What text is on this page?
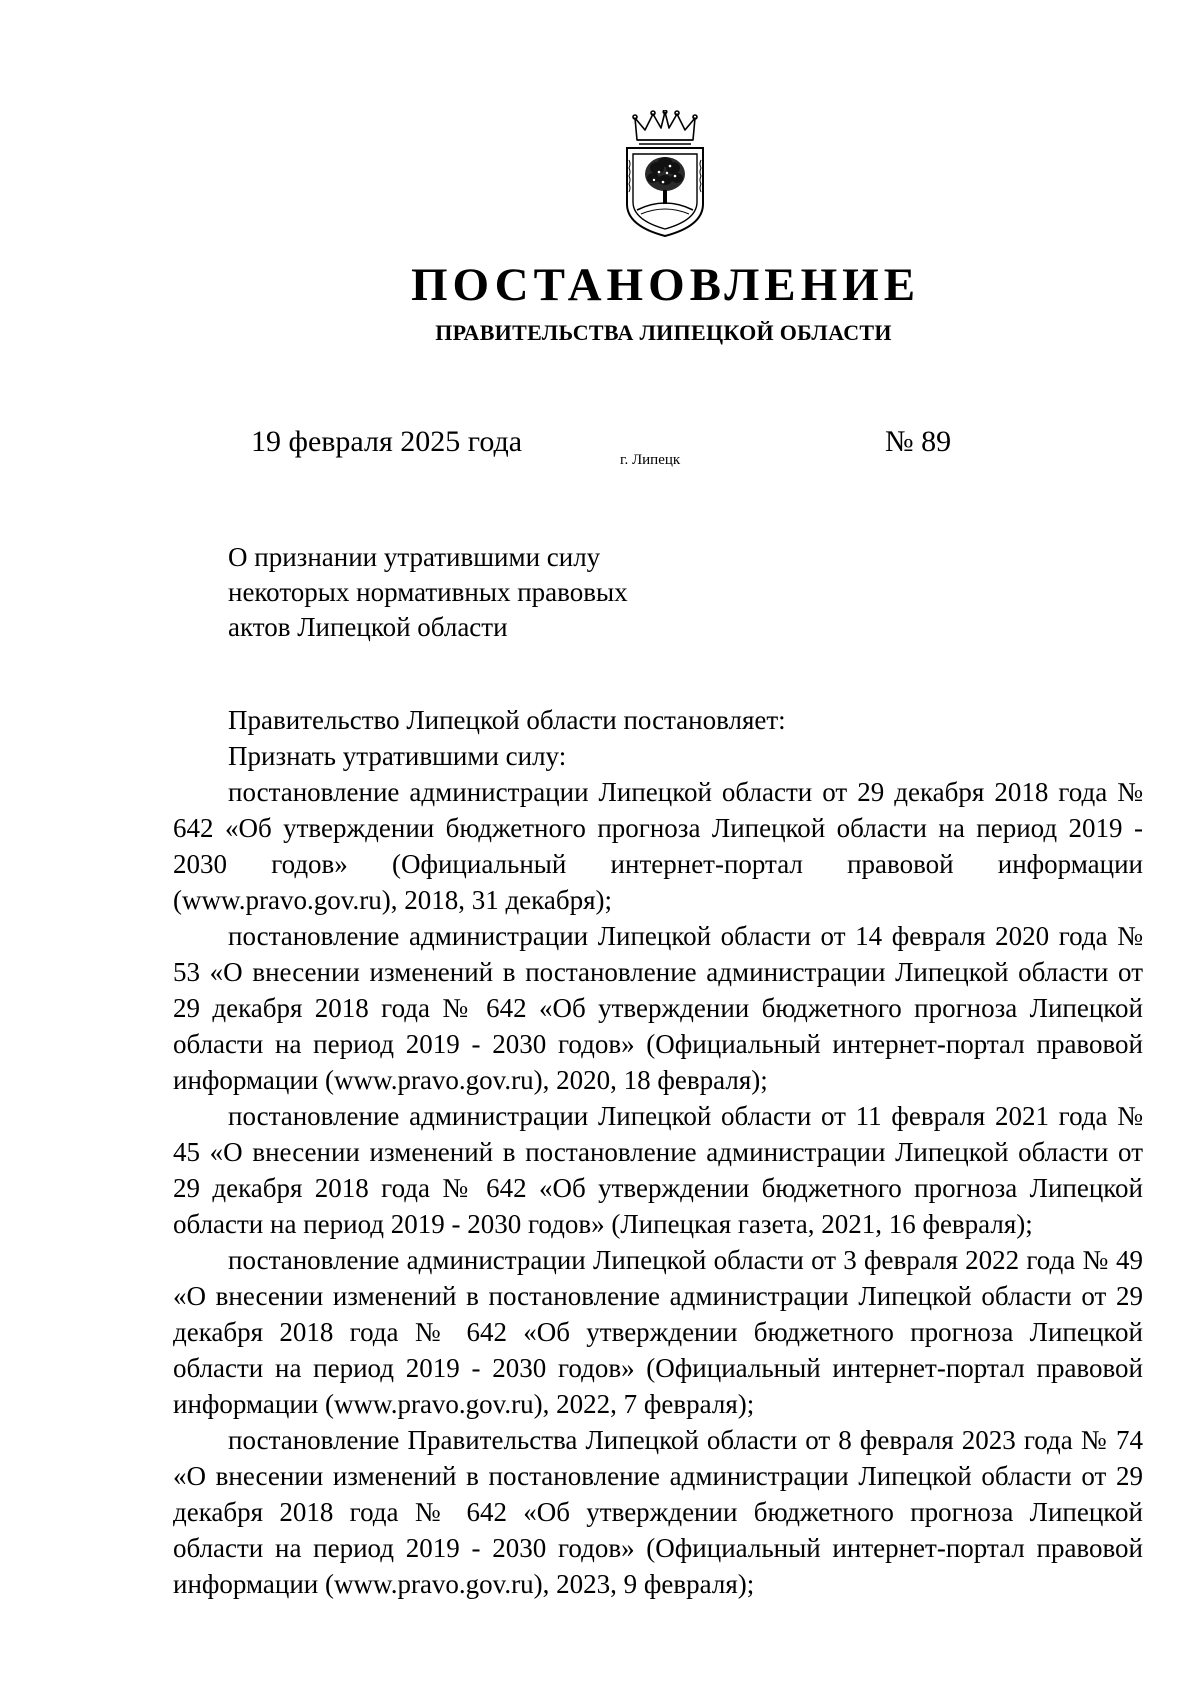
ПОСТАНОВЛЕНИЕ
ПРАВИТЕЛЬСТВА ЛИПЕЦКОЙ ОБЛАСТИ
19 февраля 2025 года
г. Липецк
№ 89
О признании утратившими силу
некоторых нормативных правовых
актов Липецкой области

Правительство Липецкой области постановляет:

Признать утратившими силу:

постановление администрации Липецкой области от 29 декабря 2018 года № 642 «Об утверждении бюджетного прогноза Липецкой области на период 2019 - 2030 годов» (Официальный интернет-портал правовой информации (www.pravo.gov.ru), 2018, 31 декабря);

постановление администрации Липецкой области от 14 февраля 2020 года № 53 «О внесении изменений в постановление администрации Липецкой области от 29 декабря 2018 года № 642 «Об утверждении бюджетного прогноза Липецкой области на период 2019 - 2030 годов» (Официальный интернет-портал правовой информации (www.pravo.gov.ru), 2020, 18 февраля);

постановление администрации Липецкой области от 11 февраля 2021 года № 45 «О внесении изменений в постановление администрации Липецкой области от 29 декабря 2018 года № 642 «Об утверждении бюджетного прогноза Липецкой области на период 2019 - 2030 годов» (Липецкая газета, 2021, 16 февраля);

постановление администрации Липецкой области от 3 февраля 2022 года № 49 «О внесении изменений в постановление администрации Липецкой области от 29 декабря 2018 года № 642 «Об утверждении бюджетного прогноза Липецкой области на период 2019 - 2030 годов» (Официальный интернет-портал правовой информации (www.pravo.gov.ru), 2022, 7 февраля);

постановление Правительства Липецкой области от 8 февраля 2023 года № 74 «О внесении изменений в постановление администрации Липецкой области от 29 декабря 2018 года № 642 «Об утверждении бюджетного прогноза Липецкой области на период 2019 - 2030 годов» (Официальный интернет-портал правовой информации (www.pravo.gov.ru), 2023, 9 февраля);
